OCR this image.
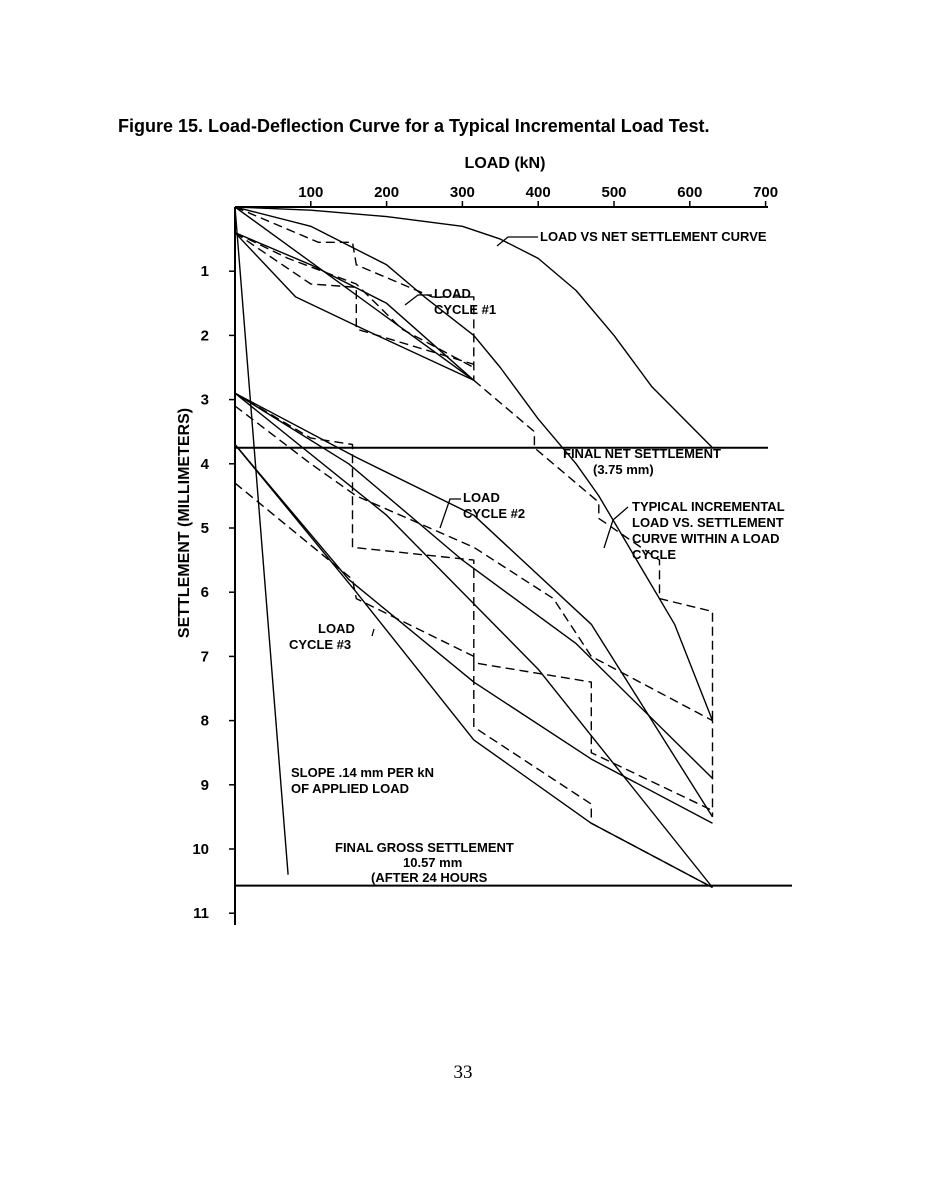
Figure 15. Load-Deflection Curve for a Typical Incremental Load Test.
11
10
9
8
7
6
5
4
3
2
1
700
600
500
400
300
200
100
LOAD (kN)
SETTLEMENT (MILLIMETERS)	FINAL NET SETTLEMENT
(3.75 mm)
FINAL GROSS SETTLEMENT
10.57 mm
(AFTER 24 HOURS
LOAD VS NET SETTLEMENT CURVE
LOAD
CYCLE #1
LOAD
CYCLE #2
LOAD
CYCLE #3
TYPICAL INCREMENTAL
LOAD VS. SETTLEMENT
CURVE WITHIN A LOAD
CYCLE
SLOPE .14 mm PER kN
OF APPLIED LOAD
33
